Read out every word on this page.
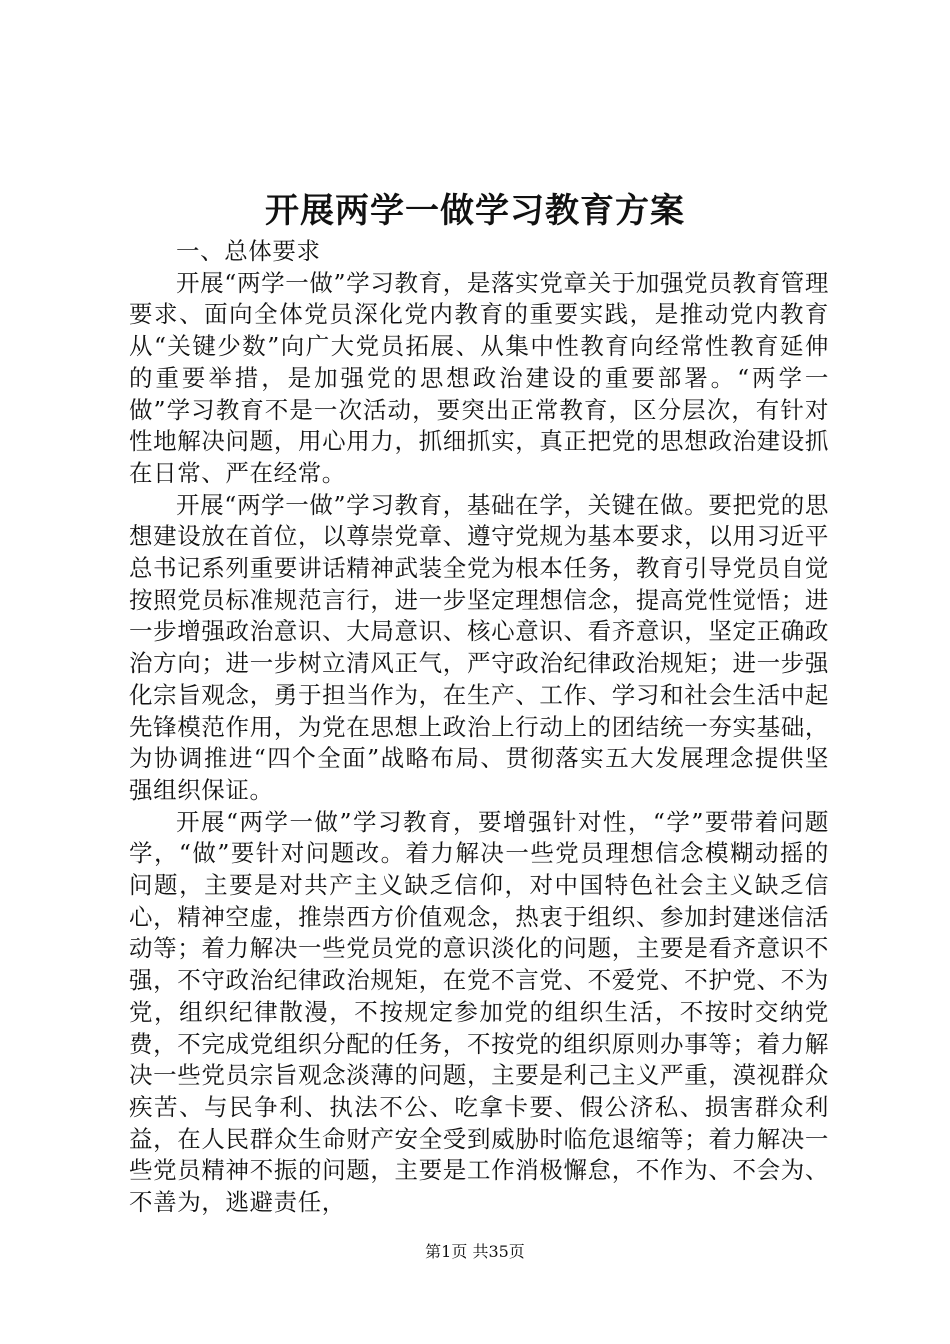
开展两学一做学习教育方案

一、总体要求

开展“两学一做”学习教育，是落实党章关于加强党员教育管理要求、面向全体党员深化党内教育的重要实践，是推动党内教育从“关键少数”向广大党员拓展、从集中性教育向经常性教育延伸的重要举措，是加强党的思想政治建设的重要部署。“两学一做”学习教育不是一次活动，要突出正常教育，区分层次，有针对性地解决问题，用心用力，抓细抓实，真正把党的思想政治建设抓在日常、严在经常。

开展“两学一做”学习教育，基础在学，关键在做。要把党的思想建设放在首位，以尊崇党章、遵守党规为基本要求，以用习近平总书记系列重要讲话精神武装全党为根本任务，教育引导党员自觉按照党员标准规范言行，进一步坚定理想信念，提高党性觉悟；进一步增强政治意识、大局意识、核心意识、看齐意识，坚定正确政治方向；进一步树立清风正气，严守政治纪律政治规矩；进一步强化宗旨观念，勇于担当作为，在生产、工作、学习和社会生活中起先锋模范作用，为党在思想上政治上行动上的团结统一夯实基础，为协调推进“四个全面”战略布局、贯彻落实五大发展理念提供坚强组织保证。

开展“两学一做”学习教育，要增强针对性，“学”要带着问题学，“做”要针对问题改。着力解决一些党员理想信念模糊动摇的问题，主要是对共产主义缺乏信仰，对中国特色社会主义缺乏信心，精神空虚，推崇西方价值观念，热衷于组织、参加封建迷信活动等；着力解决一些党员党的意识淡化的问题，主要是看齐意识不强，不守政治纪律政治规矩，在党不言党、不爱党、不护党、不为党，组织纪律散漫，不按规定参加党的组织生活，不按时交纳党费，不完成党组织分配的任务，不按党的组织原则办事等；着力解决一些党员宗旨观念淡薄的问题，主要是利己主义严重，漠视群众疾苦、与民争利、执法不公、吃拿卡要、假公济私、损害群众利益，在人民群众生命财产安全受到威胁时临危退缩等；着力解决一些党员精神不振的问题，主要是工作消极懈怠，不作为、不会为、不善为，逃避责任，

第1页 共35页
